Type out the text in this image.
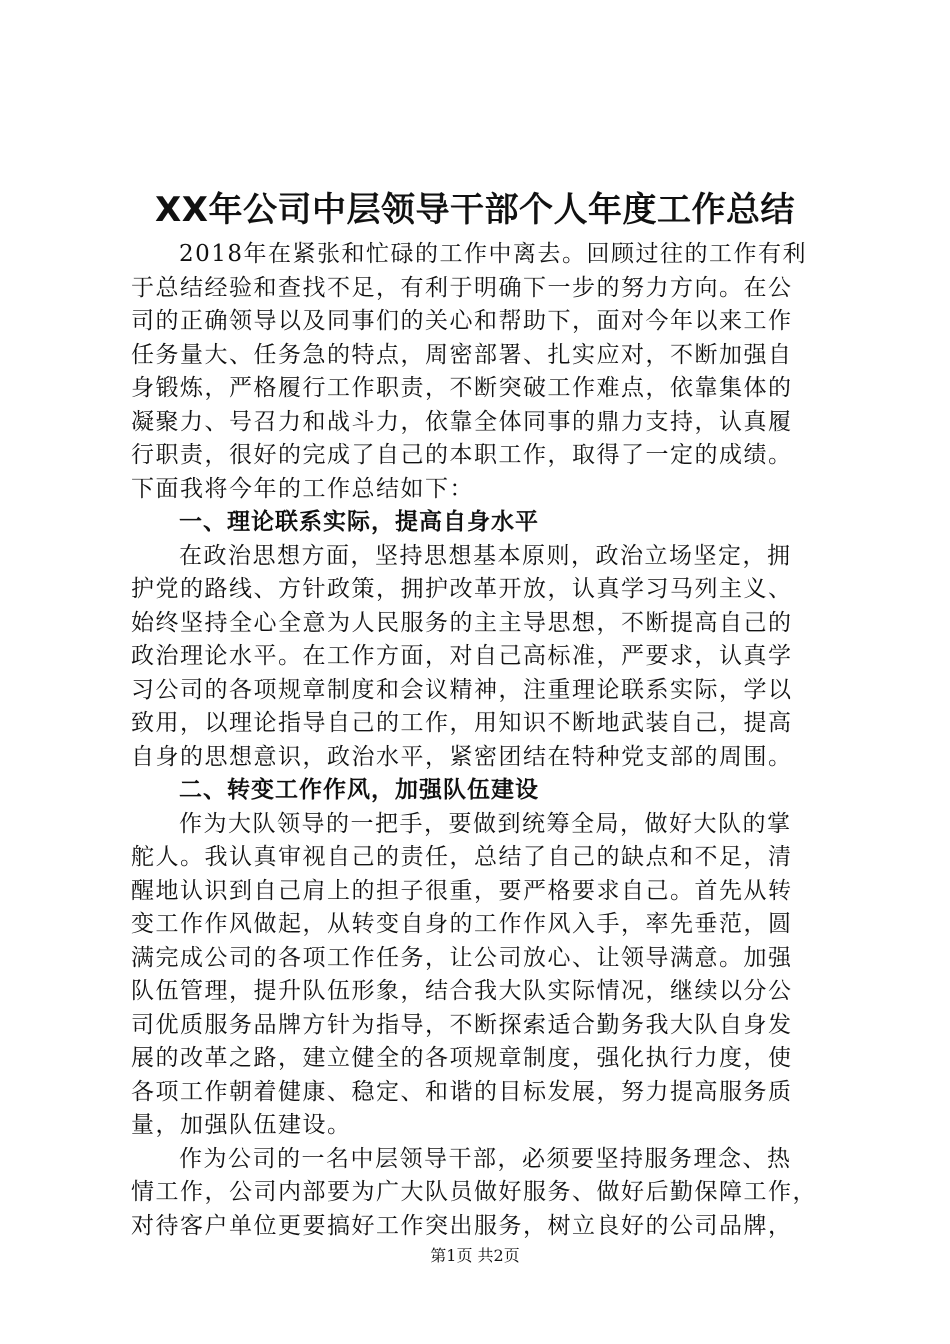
XX年公司中层领导干部个人年度工作总结
2018年在紧张和忙碌的工作中离去。回顾过往的工作有利
于总结经验和查找不足，有利于明确下一步的努力方向。在公
司的正确领导以及同事们的关心和帮助下，面对今年以来工作
任务量大、任务急的特点，周密部署、扎实应对，不断加强自
身锻炼，严格履行工作职责，不断突破工作难点，依靠集体的
凝聚力、号召力和战斗力，依靠全体同事的鼎力支持，认真履
行职责，很好的完成了自己的本职工作，取得了一定的成绩。
下面我将今年的工作总结如下：
一、理论联系实际，提高自身水平
在政治思想方面，坚持思想基本原则，政治立场坚定，拥
护党的路线、方针政策，拥护改革开放，认真学习马列主义、
始终坚持全心全意为人民服务的主主导思想，不断提高自己的
政治理论水平。在工作方面，对自己高标准，严要求，认真学
习公司的各项规章制度和会议精神，注重理论联系实际，学以
致用，以理论指导自己的工作，用知识不断地武装自己，提高
自身的思想意识，政治水平，紧密团结在特种党支部的周围。
二、转变工作作风，加强队伍建设
作为大队领导的一把手，要做到统筹全局，做好大队的掌
舵人。我认真审视自己的责任，总结了自己的缺点和不足，清
醒地认识到自己肩上的担子很重，要严格要求自己。首先从转
变工作作风做起，从转变自身的工作作风入手，率先垂范，圆
满完成公司的各项工作任务，让公司放心、让领导满意。加强
队伍管理，提升队伍形象，结合我大队实际情况，继续以分公
司优质服务品牌方针为指导，不断探索适合勤务我大队自身发
展的改革之路，建立健全的各项规章制度，强化执行力度，使
各项工作朝着健康、稳定、和谐的目标发展，努力提高服务质
量，加强队伍建设。
作为公司的一名中层领导干部，必须要坚持服务理念、热
情工作，公司内部要为广大队员做好服务、做好后勤保障工作，
对待客户单位更要搞好工作突出服务，树立良好的公司品牌，
第1页 共2页
